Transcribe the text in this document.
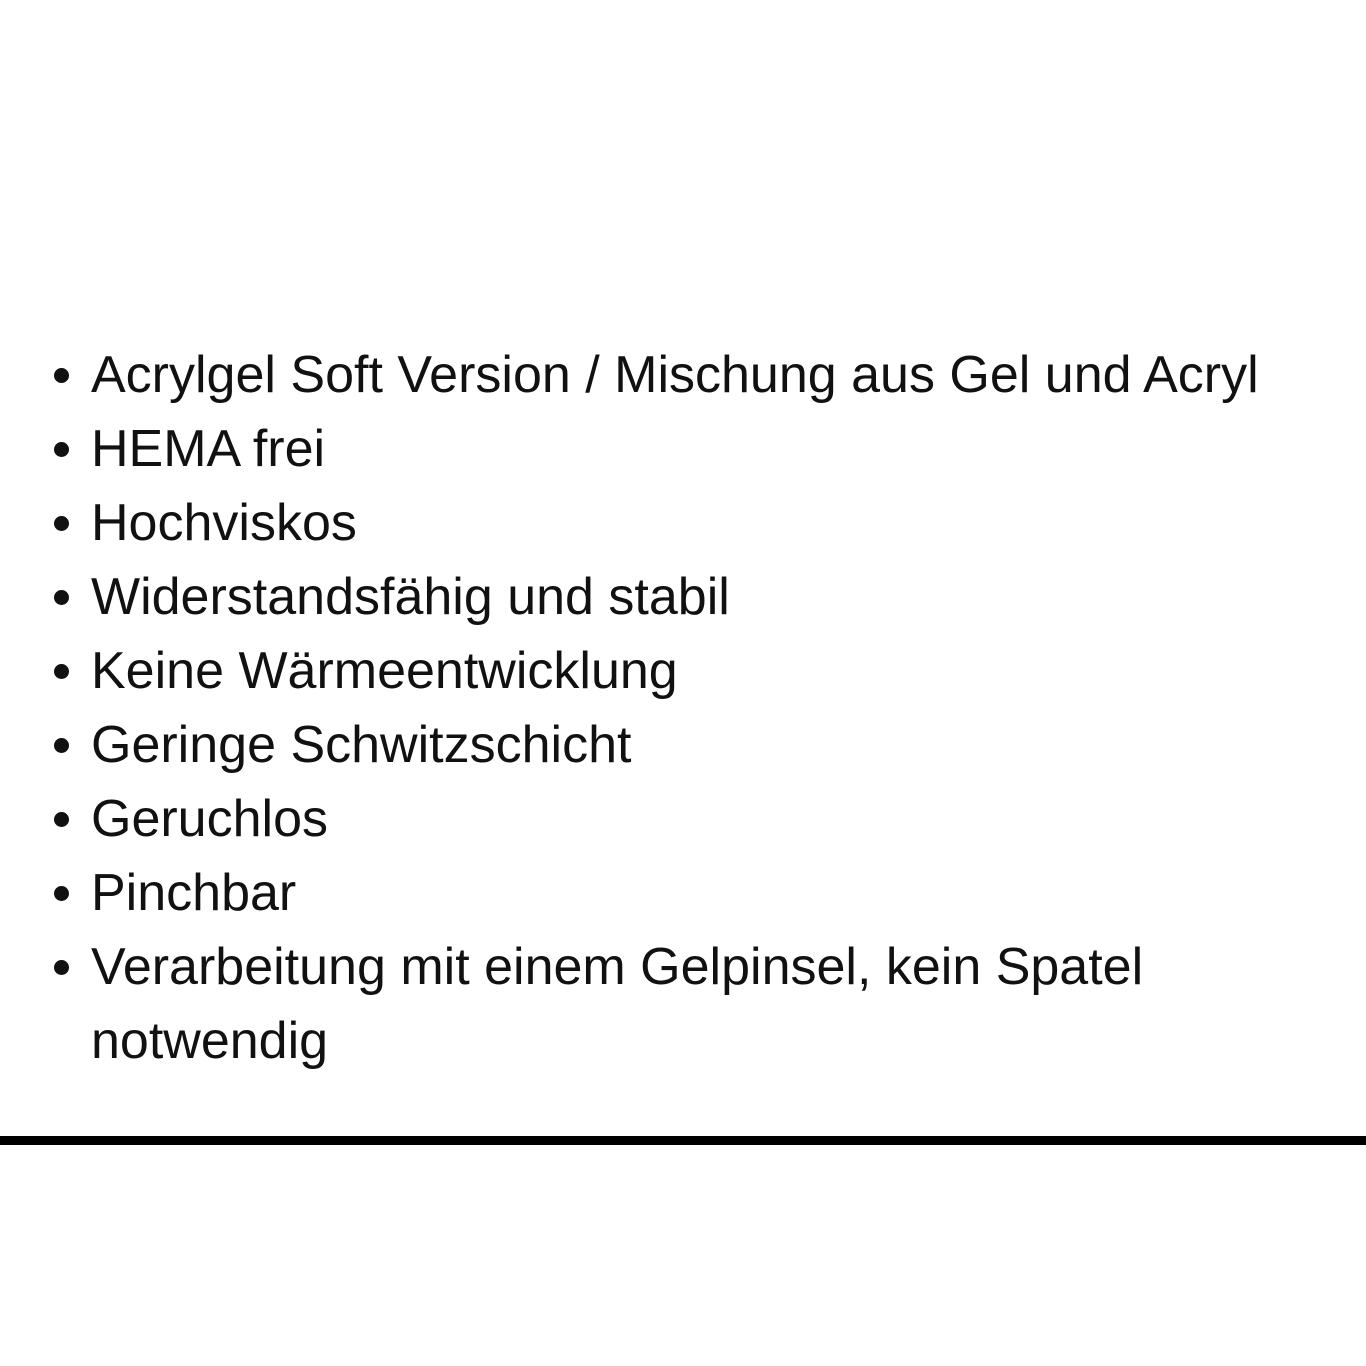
Acrylgel Soft Version / Mischung aus Gel und Acryl
HEMA frei
Hochviskos
Widerstandsfähig und stabil
Keine Wärmeentwicklung
Geringe Schwitzschicht
Geruchlos
Pinchbar
Verarbeitung mit einem Gelpinsel, kein Spatel notwendig
